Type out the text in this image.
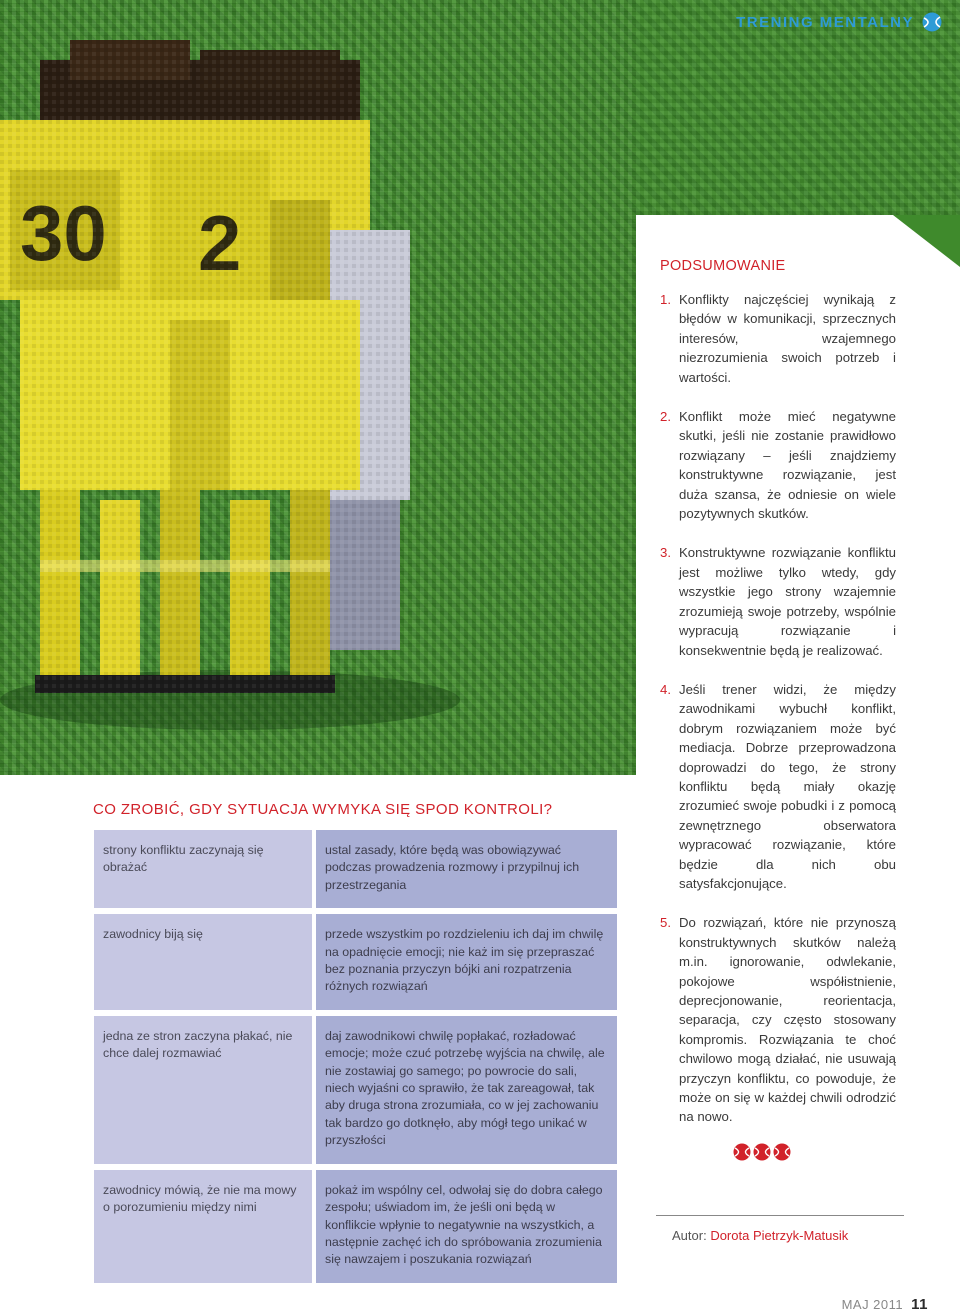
TRENING MENTALNY
PODSUMOWANIE
1. Konflikty najczęściej wynikają z błędów w komunikacji, sprzecznych interesów, wzajemnego niezrozumienia swoich potrzeb i wartości.
2. Konflikt może mieć negatywne skutki, jeśli nie zostanie prawidłowo rozwiązany – jeśli znajdziemy konstruktywne rozwiązanie, jest duża szansa, że odniesie on wiele pozytywnych skutków.
3. Konstruktywne rozwiązanie konfliktu jest możliwe tylko wtedy, gdy wszystkie jego strony wzajemnie zrozumieją swoje potrzeby, wspólnie wypracują rozwiązanie i konsekwentnie będą je realizować.
4. Jeśli trener widzi, że między zawodnikami wybuchł konflikt, dobrym rozwiązaniem może być mediacja. Dobrze przeprowadzona doprowadzi do tego, że strony konfliktu będą miały okazję zrozumieć swoje pobudki i z pomocą zewnętrznego obserwatora wypracować rozwiązanie, które będzie dla nich obu satysfakcjonujące.
5. Do rozwiązań, które nie przynoszą konstruktywnych skutków należą m.in. ignorowanie, odwlekanie, pokojowe współistnienie, deprecjonowanie, reorientacja, separacja, czy często stosowany kompromis. Rozwiązania te choć chwilowo mogą działać, nie usuwają przyczyn konfliktu, co powoduje, że może on się w każdej chwili odrodzić na nowo.
CO ZROBIĆ, GDY SYTUACJA WYMYKA SIĘ SPOD KONTROLI?
strony konfliktu zaczynają się obrażać		ustal zasady, które będą was obowiązywać podczas prowadzenia rozmowy i przypilnuj ich przestrzegania

zawodnicy biją się		przede wszystkim po rozdzieleniu ich daj im chwilę na opadnięcie emocji; nie każ im się przepraszać bez poznania przyczyn bójki ani rozpatrzenia różnych rozwiązań

jedna ze stron zaczyna płakać, nie chce dalej rozmawiać		daj zawodnikowi chwilę popłakać, rozładować emocje; może czuć potrzebę wyjścia na chwilę, ale nie zostawiaj go samego; po powrocie do sali, niech wyjaśni co sprawiło, że tak zareagował, tak aby druga strona zrozumiała, co w jej zachowaniu tak bardzo go dotknęło, aby mógł tego unikać w przyszłości

zawodnicy mówią, że nie ma mowy o porozumieniu między nimi		pokaż im wspólny cel, odwołaj się do dobra całego zespołu; uświadom im, że jeśli oni będą w konflikcie wpłynie to negatywnie na wszystkich, a następnie zachęć ich do spróbowania zrozumienia się nawzajem i poszukania rozwiązań
Autor: Dorota Pietrzyk-Matusik
MAJ 2011 11
